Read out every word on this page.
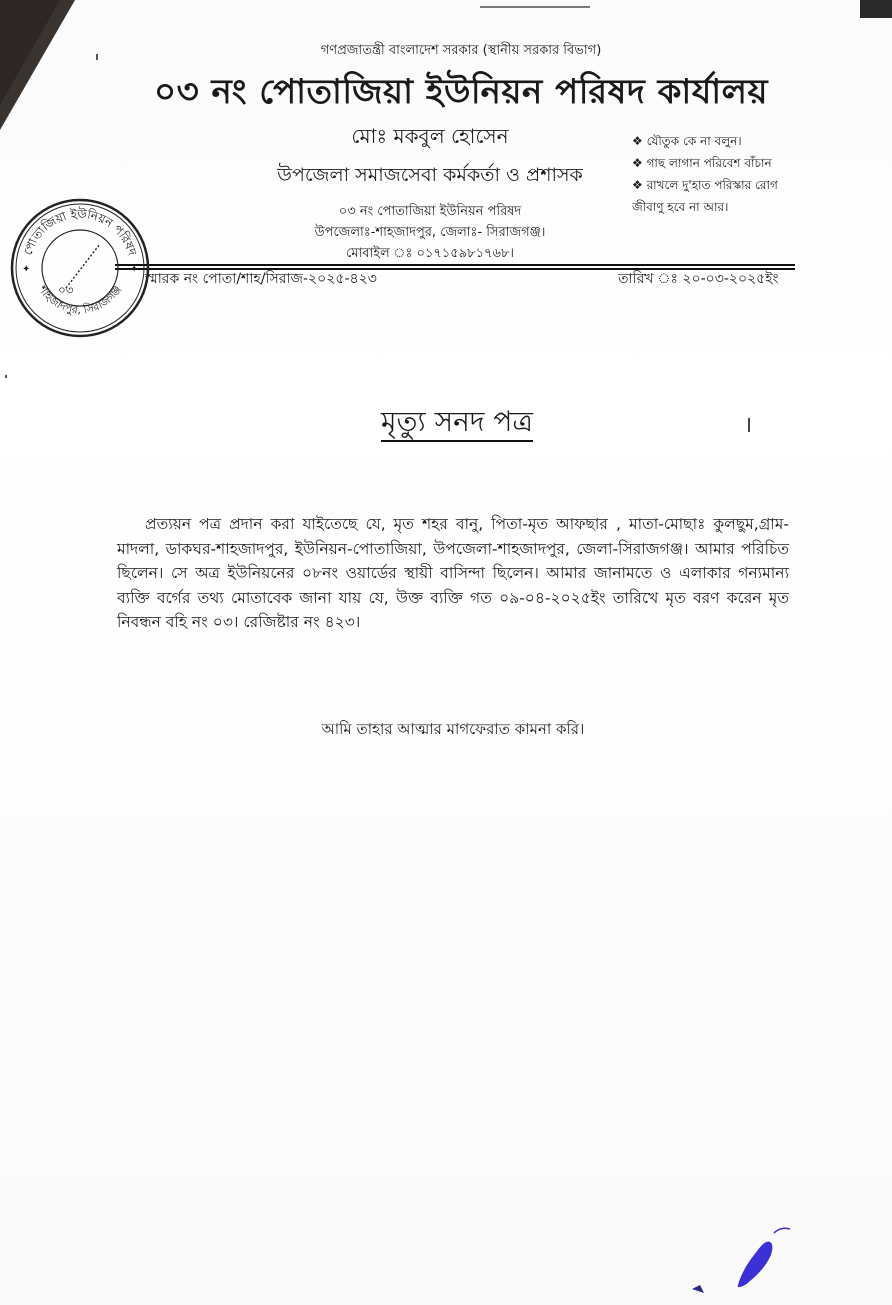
গণপ্রজাতন্ত্রী বাংলাদেশ সরকার (স্থানীয় সরকার বিভাগ)
০৩ নং পোতাজিয়া ইউনিয়ন পরিষদ কার্যালয়
মোঃ মকবুল হোসেন
উপজেলা সমাজসেবা কর্মকর্তা ও প্রশাসক
০৩ নং পোতাজিয়া ইউনিয়ন পরিষদ
উপজেলাঃ-শাহজাদপুর, জেলাঃ- সিরাজগঞ্জ।
মোবাইল ঃ ০১৭১৫৯৮১৭৬৮।
❖ যৌতুক কে না বলুন।
❖ গাছ লাগান পরিবেশ বাঁচান
❖ রাখলে দু'হাত পরিস্কার রোগ জীবাণু হবে না আর।
স্মারক নং পোতা/শাহ/সিরাজ-২০২৫-৪২৩	তারিখ ঃ ২০-০৩-২০২৫ইং
পোতাজিয়া ইউনিয়ন পরিষদ
শাহজাদপুর, সিরাজগঞ্জ
০৩
✦	✦
মৃত্যু সনদ পত্র
প্রত্যয়ন পত্র প্রদান করা যাইতেছে যে, মৃত শহর বানু, পিতা-মৃত আফছার , মাতা-মোছাঃ কুলছুম,গ্রাম-মাদলা, ডাকঘর-শাহজাদপুর, ইউনিয়ন-পোতাজিয়া, উপজেলা-শাহজাদপুর, জেলা-সিরাজগঞ্জ। আমার পরিচিত ছিলেন। সে অত্র ইউনিয়নের ০৮নং ওয়ার্ডের স্থায়ী বাসিন্দা ছিলেন। আমার জানামতে ও এলাকার গন্যমান্য ব্যক্তি বর্গের তথ্য মোতাবেক জানা যায় যে, উক্ত ব্যক্তি গত ০৯-০৪-২০২৫ইং তারিখে মৃত বরণ করেন মৃত নিবন্ধন বহি নং ০৩। রেজিষ্টার নং ৪২৩।
আমি তাহার আত্মার মাগফেরাত কামনা করি।
